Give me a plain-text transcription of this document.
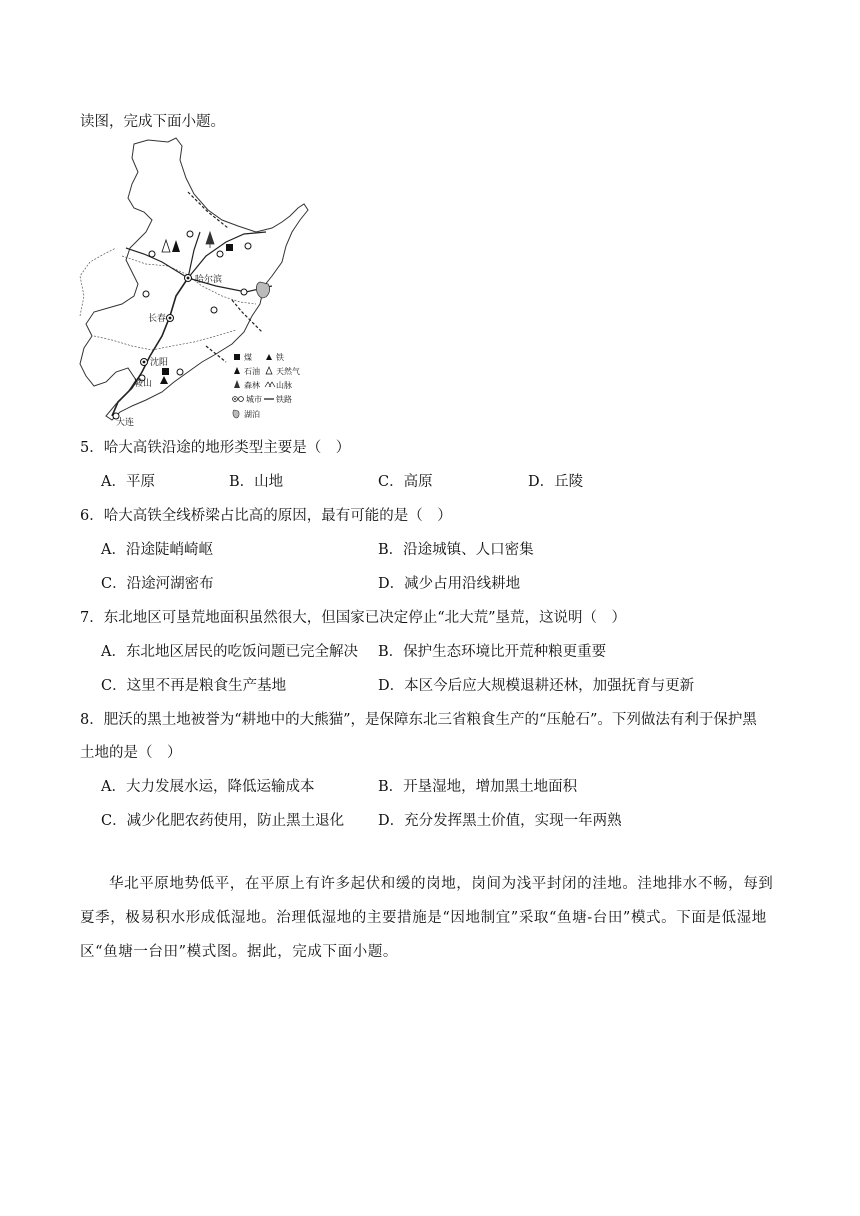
读图，完成下面小题。
哈尔滨
长春
沈阳
鞍山
大连
煤	铁
石油 天然气
森林 山脉
城市 铁路
湖泊
5．哈大高铁沿途的地形类型主要是（　）
A．平原	B．山地	C．高原	D．丘陵
6．哈大高铁全线桥梁占比高的原因，最有可能的是（　）
A．沿途陡峭崎岖	B．沿途城镇、人口密集
C．沿途河湖密布	D．减少占用沿线耕地
7．东北地区可垦荒地面积虽然很大，但国家已决定停止“北大荒”垦荒，这说明（　）
A．东北地区居民的吃饭问题已完全解决 B．保护生态环境比开荒种粮更重要
C．这里不再是粮食生产基地	D．本区今后应大规模退耕还林，加强抚育与更新
8．肥沃的黑土地被誉为“耕地中的大熊猫”，是保障东北三省粮食生产的“压舱石”。下列做法有利于保护黑
土地的是（　）
A．大力发展水运，降低运输成本	B．开垦湿地，增加黑土地面积
C．减少化肥农药使用，防止黑土退化 D．充分发挥黑土价值，实现一年两熟
华北平原地势低平，在平原上有许多起伏和缓的岗地，岗间为浅平封闭的洼地。洼地排水不畅，每到夏季，极易积水形成低湿地。治理低湿地的主要措施是“因地制宜”采取“鱼塘-台田”模式。下面是低湿地区“鱼塘一台田”模式图。据此，完成下面小题。
